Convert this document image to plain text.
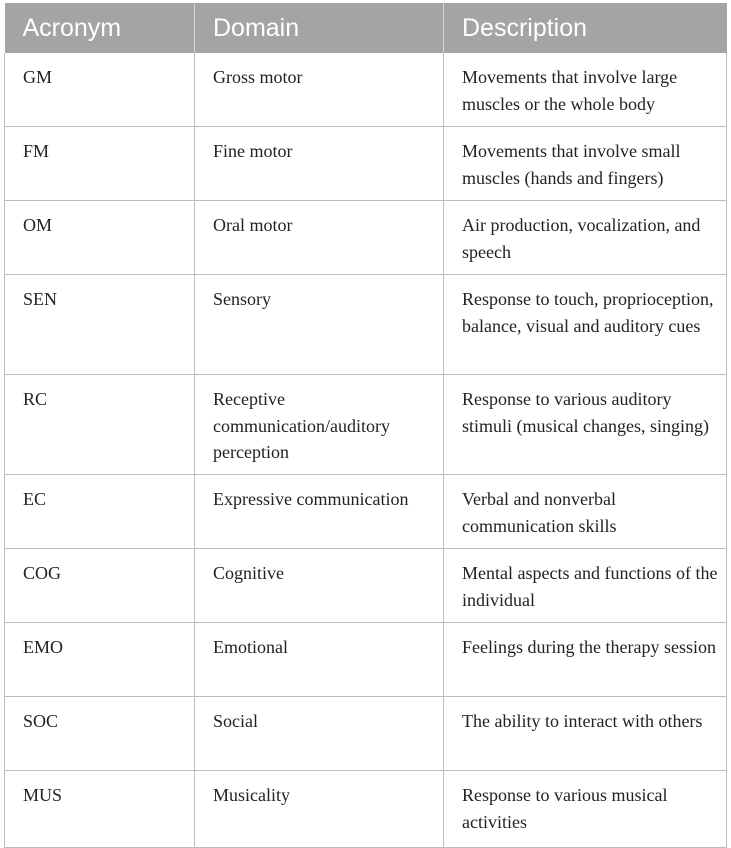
Acronym	Domain	Description
GM	Gross motor	Movements that involve large muscles or the whole body
FM	Fine motor	Movements that involve small muscles (hands and fingers)
OM	Oral motor	Air production, vocalization, and speech
SEN	Sensory	Response to touch, proprioception, balance, visual and auditory cues
RC	Receptive communication/auditory perception	Response to various auditory stimuli (musical changes, singing)
EC	Expressive communication	Verbal and nonverbal communication skills
COG	Cognitive	Mental aspects and functions of the individual
EMO	Emotional	Feelings during the therapy session
SOC	Social	The ability to interact with others
MUS	Musicality	Response to various musical activities
